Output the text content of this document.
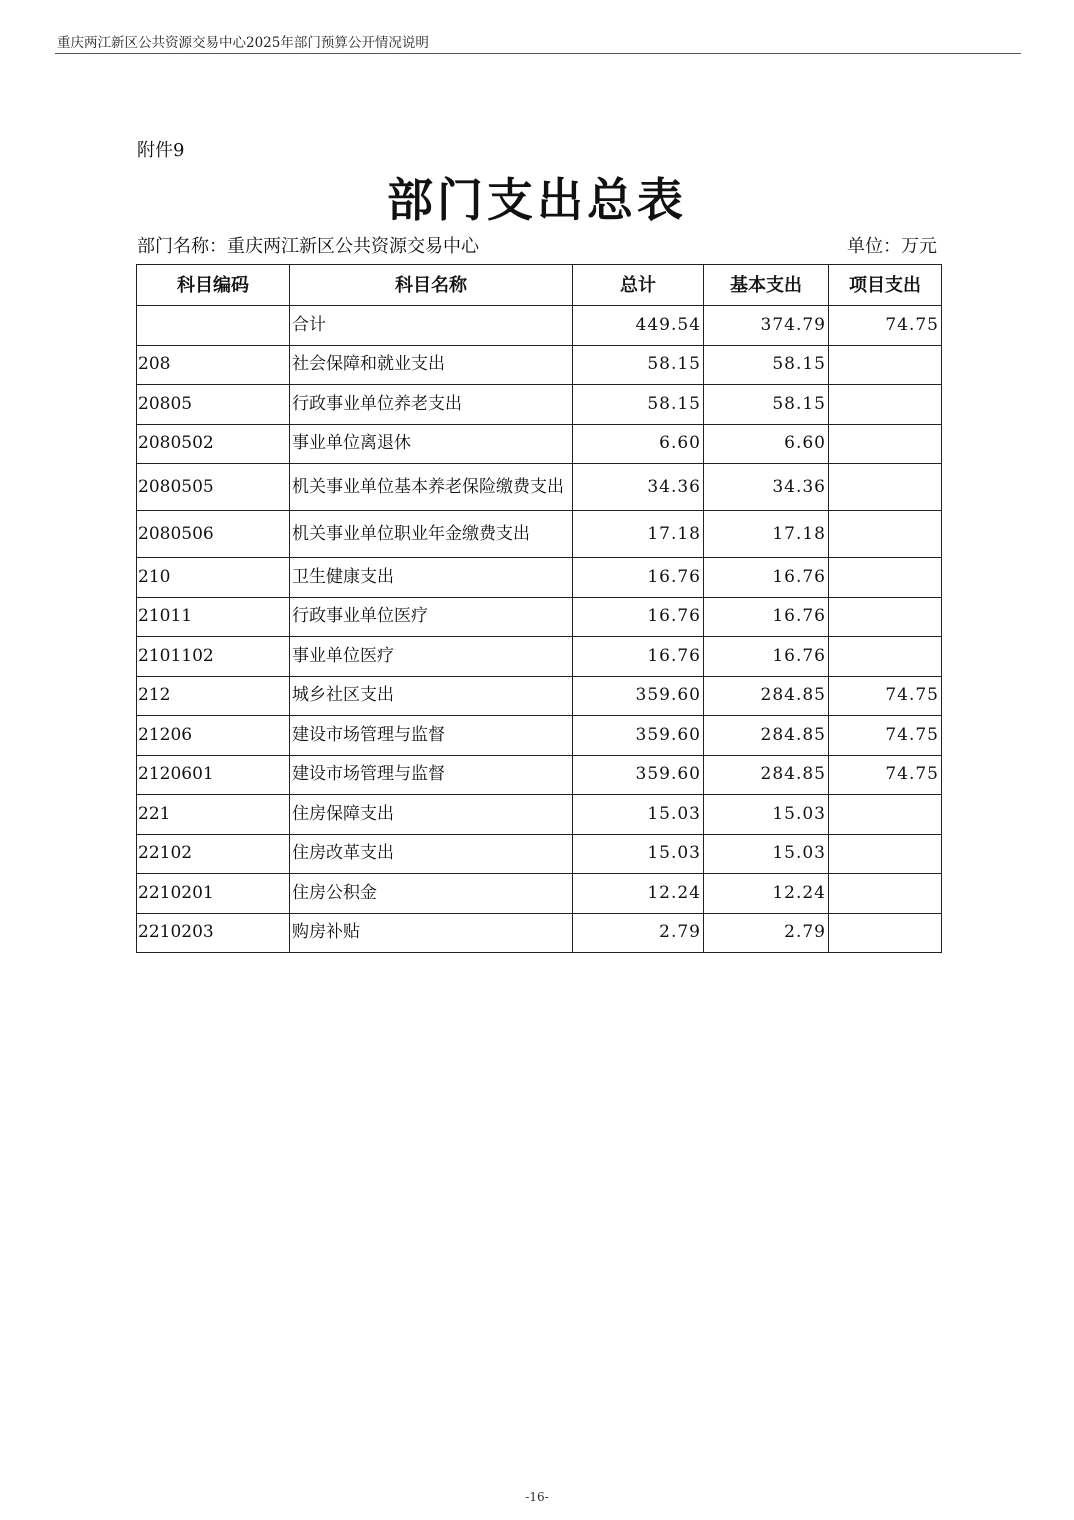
重庆两江新区公共资源交易中心2025年部门预算公开情况说明
附件9
部门支出总表
部门名称：重庆两江新区公共资源交易中心	单位：万元
科目编码	科目名称	总计	基本支出	项目支出
	合计	449.54	374.79	74.75
208	社会保障和就业支出	58.15	58.15	
20805	行政事业单位养老支出	58.15	58.15	
2080502	事业单位离退休	6.60	6.60	
2080505	机关事业单位基本养老保险缴费支出	34.36	34.36	
2080506	机关事业单位职业年金缴费支出	17.18	17.18	
210	卫生健康支出	16.76	16.76	
21011	行政事业单位医疗	16.76	16.76	
2101102	事业单位医疗	16.76	16.76	
212	城乡社区支出	359.60	284.85	74.75
21206	建设市场管理与监督	359.60	284.85	74.75
2120601	建设市场管理与监督	359.60	284.85	74.75
221	住房保障支出	15.03	15.03	
22102	住房改革支出	15.03	15.03	
2210201	住房公积金	12.24	12.24	
2210203	购房补贴	2.79	2.79	
-16-
